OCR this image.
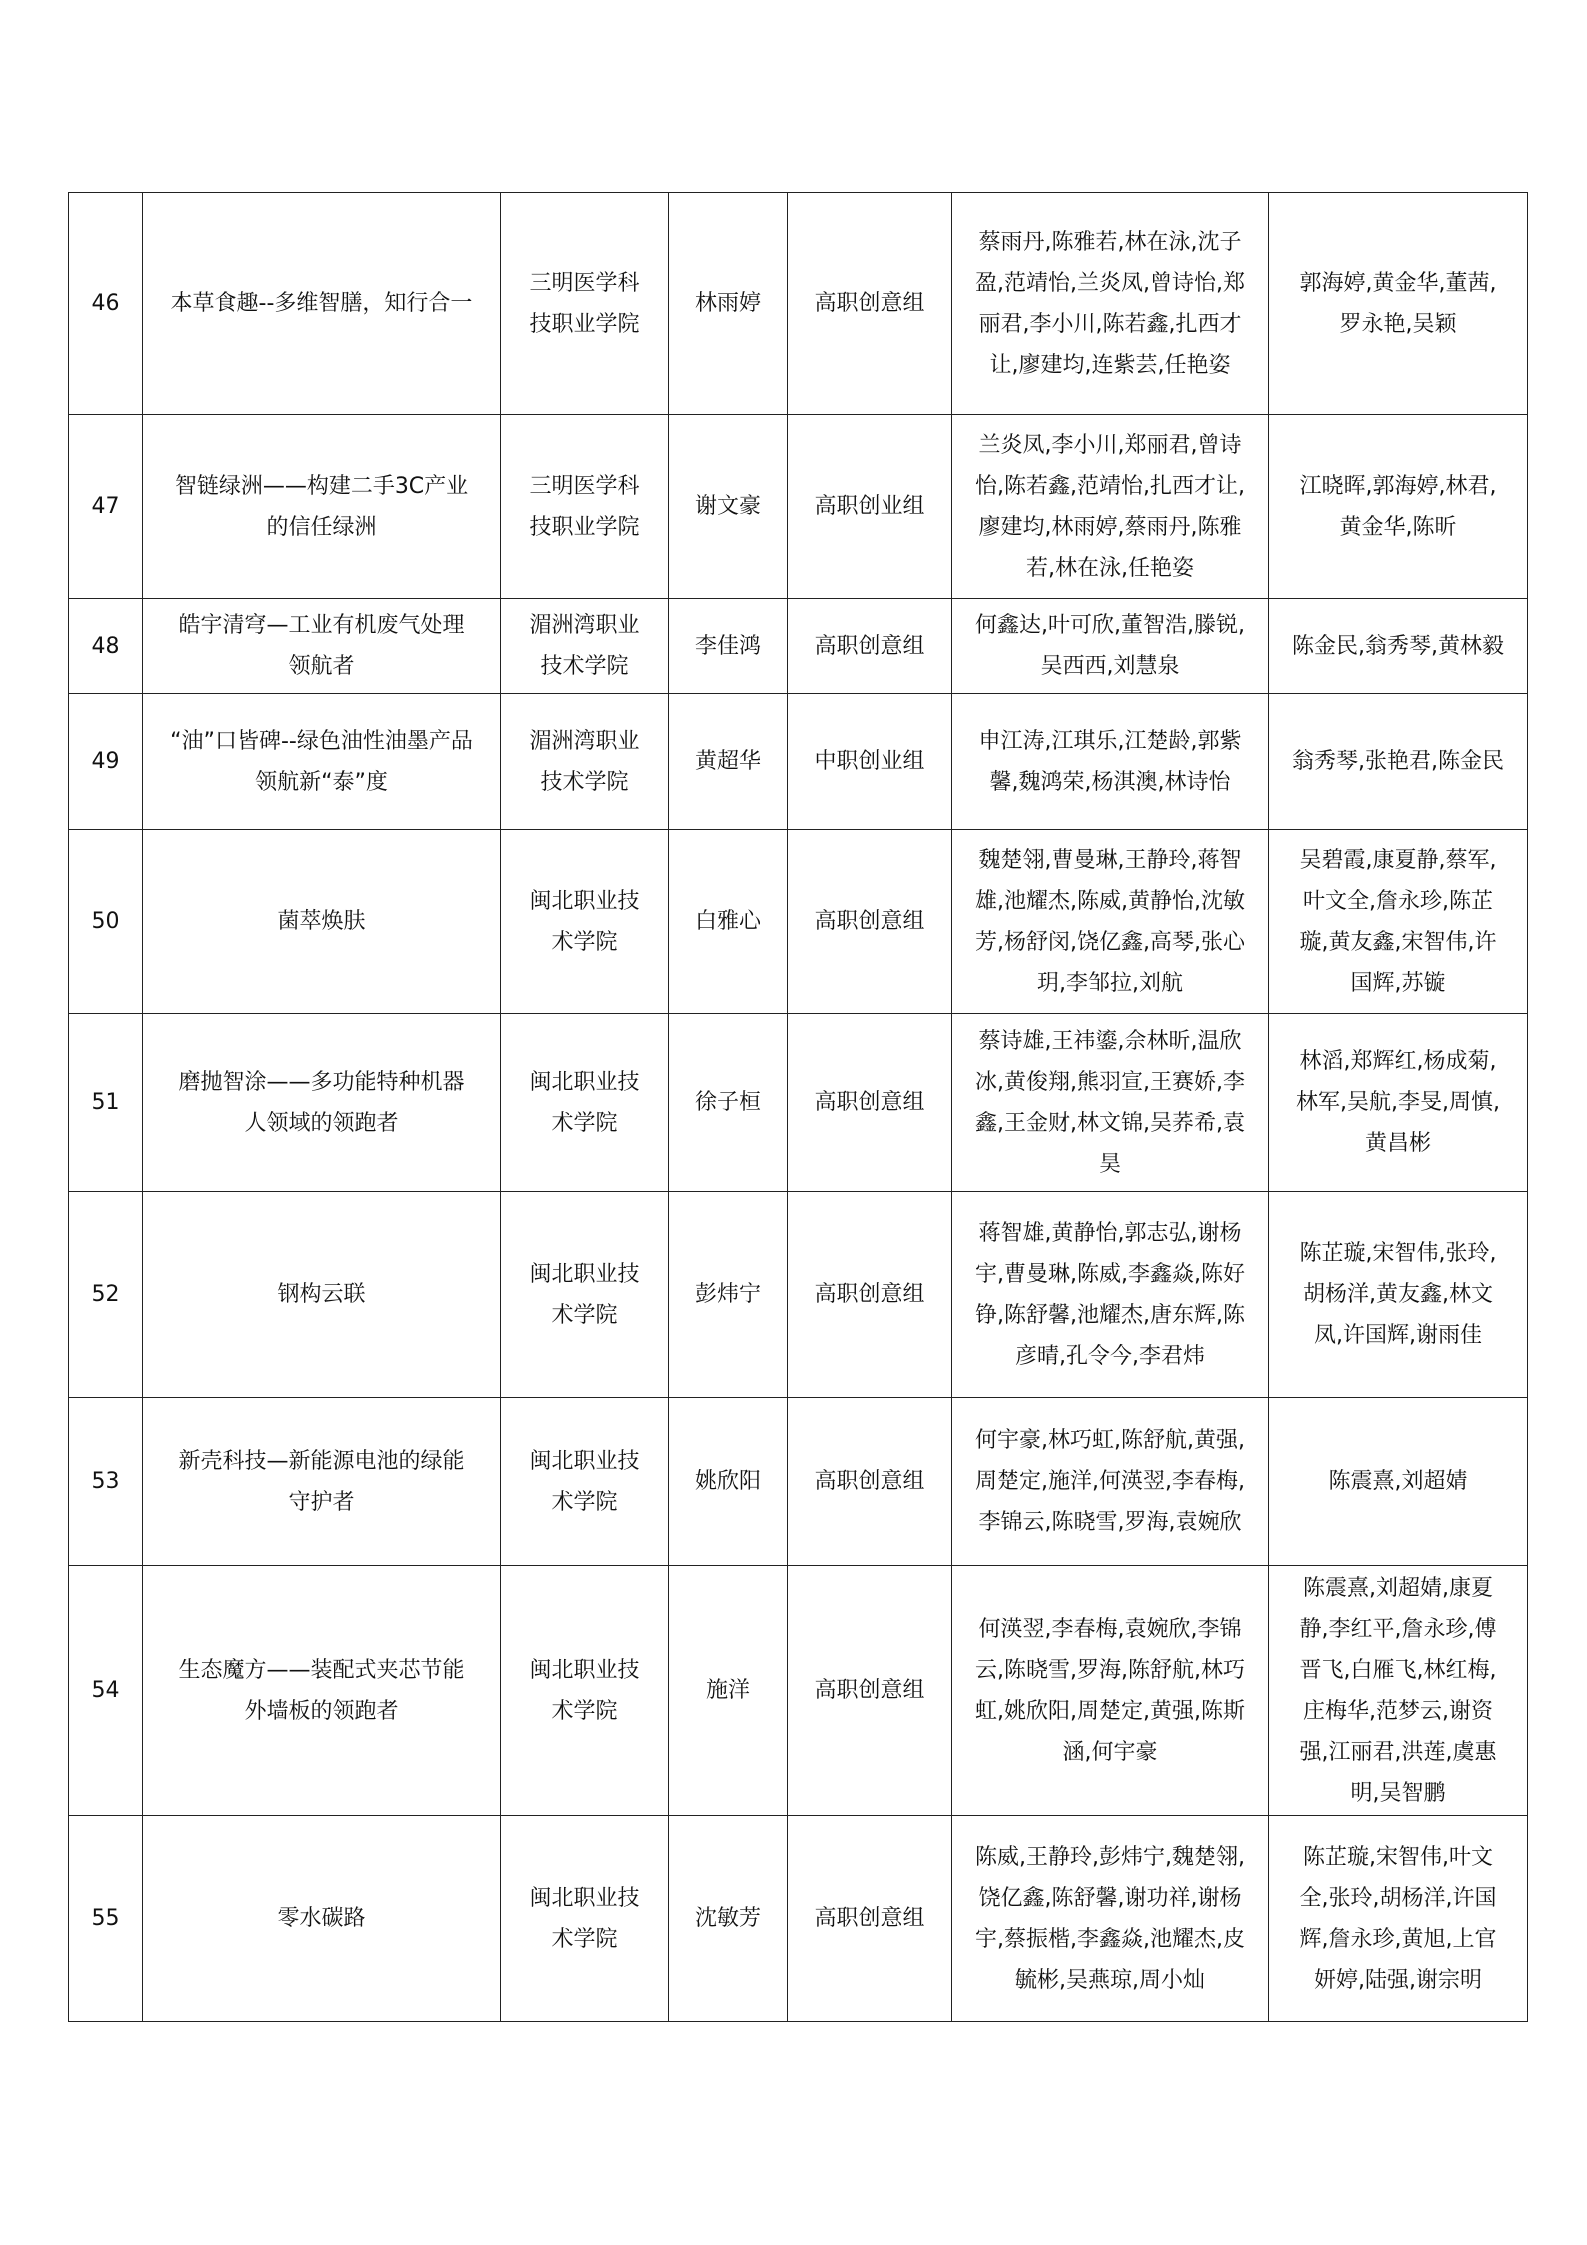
46	本草食趣--多维智膳，知行合一	三明医学科技职业学院	林雨婷	高职创意组	蔡雨丹,陈雅若,林在泳,沈子盈,范靖怡,兰炎凤,曾诗怡,郑丽君,李小川,陈若鑫,扎西才让,廖建均,连紫芸,任艳姿	郭海婷,黄金华,董茜,罗永艳,吴颖
47	智链绿洲——构建二手3C产业的信任绿洲	三明医学科技职业学院	谢文豪	高职创业组	兰炎凤,李小川,郑丽君,曾诗怡,陈若鑫,范靖怡,扎西才让,廖建均,林雨婷,蔡雨丹,陈雅若,林在泳,任艳姿	江晓晖,郭海婷,林君,黄金华,陈昕
48	皓宇清穹—工业有机废气处理领航者	湄洲湾职业技术学院	李佳鸿	高职创意组	何鑫达,叶可欣,董智浩,滕锐,吴西西,刘慧泉	陈金民,翁秀琴,黄林毅
49	“油”口皆碑--绿色油性油墨产品领航新“泰”度	湄洲湾职业技术学院	黄超华	中职创业组	申江涛,江琪乐,江楚龄,郭紫馨,魏鸿荣,杨淇澳,林诗怡	翁秀琴,张艳君,陈金民
50	菌萃焕肤	闽北职业技术学院	白雅心	高职创意组	魏楚翎,曹曼琳,王静玲,蒋智雄,池耀杰,陈威,黄静怡,沈敏芳,杨舒闵,饶亿鑫,高琴,张心玥,李邹拉,刘航	吴碧霞,康夏静,蔡军,叶文全,詹永珍,陈芷璇,黄友鑫,宋智伟,许国辉,苏镟
51	磨抛智涂——多功能特种机器人领域的领跑者	闽北职业技术学院	徐子桓	高职创意组	蔡诗雄,王祎鎏,佘林昕,温欣冰,黄俊翔,熊羽宣,王赛娇,李鑫,王金财,林文锦,吴荞希,袁昊	林滔,郑辉红,杨成菊,林军,吴航,李旻,周慎,黄昌彬
52	钢构云联	闽北职业技术学院	彭炜宁	高职创意组	蒋智雄,黄静怡,郭志弘,谢杨宇,曹曼琳,陈威,李鑫焱,陈好铮,陈舒馨,池耀杰,唐东辉,陈彦晴,孔令今,李君炜	陈芷璇,宋智伟,张玲,胡杨洋,黄友鑫,林文凤,许国辉,谢雨佳
53	新壳科技—新能源电池的绿能守护者	闽北职业技术学院	姚欣阳	高职创意组	何宇豪,林巧虹,陈舒航,黄强,周楚定,施洋,何渶翌,李春梅,李锦云,陈晓雪,罗海,袁婉欣	陈震熹,刘超婧
54	生态魔方——装配式夹芯节能外墙板的领跑者	闽北职业技术学院	施洋	高职创意组	何渶翌,李春梅,袁婉欣,李锦云,陈晓雪,罗海,陈舒航,林巧虹,姚欣阳,周楚定,黄强,陈斯涵,何宇豪	陈震熹,刘超婧,康夏静,李红平,詹永珍,傅晋飞,白雁飞,林红梅,庄梅华,范梦云,谢资强,江丽君,洪莲,虞惠明,吴智鹏
55	零水碳路	闽北职业技术学院	沈敏芳	高职创意组	陈威,王静玲,彭炜宁,魏楚翎,饶亿鑫,陈舒馨,谢功祥,谢杨宇,蔡振楷,李鑫焱,池耀杰,皮毓彬,吴燕琼,周小灿	陈芷璇,宋智伟,叶文全,张玲,胡杨洋,许国辉,詹永珍,黄旭,上官妍婷,陆强,谢宗明
